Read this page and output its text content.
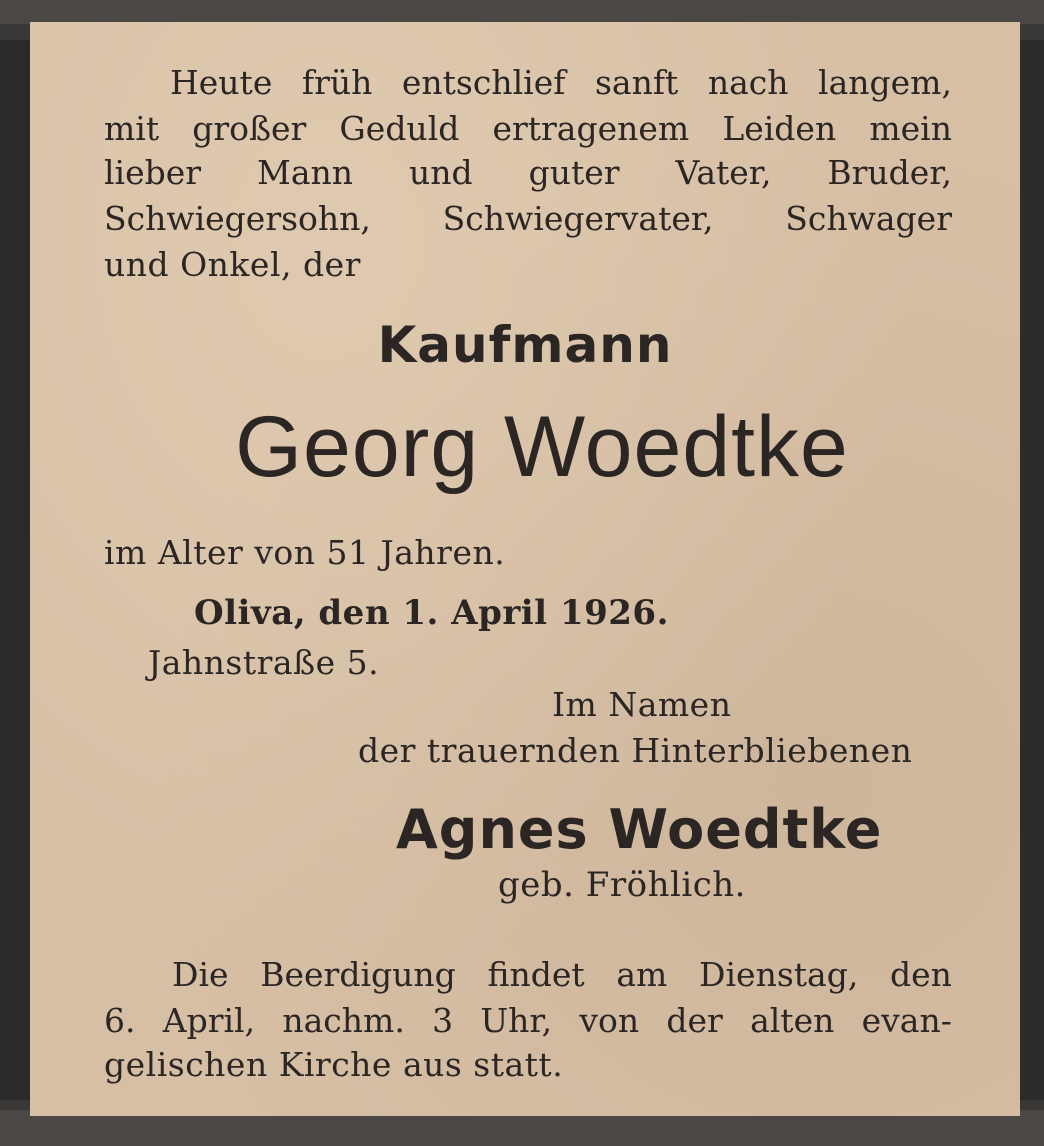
Heute früh entschlief sanft nach langem,
mit großer Geduld ertragenem Leiden mein
lieber Mann und guter Vater, Bruder,
Schwiegersohn, Schwiegervater, Schwager
und Onkel, der
Kaufmann
Georg Woedtke
im Alter von 51 Jahren.
Oliva, den 1. April 1926.
Jahnstraße 5.
Im Namen
der trauernden Hinterbliebenen
Agnes Woedtke
geb. Fröhlich.
Die Beerdigung findet am Dienstag, den
6. April, nachm. 3 Uhr, von der alten evan-
gelischen Kirche aus statt.
